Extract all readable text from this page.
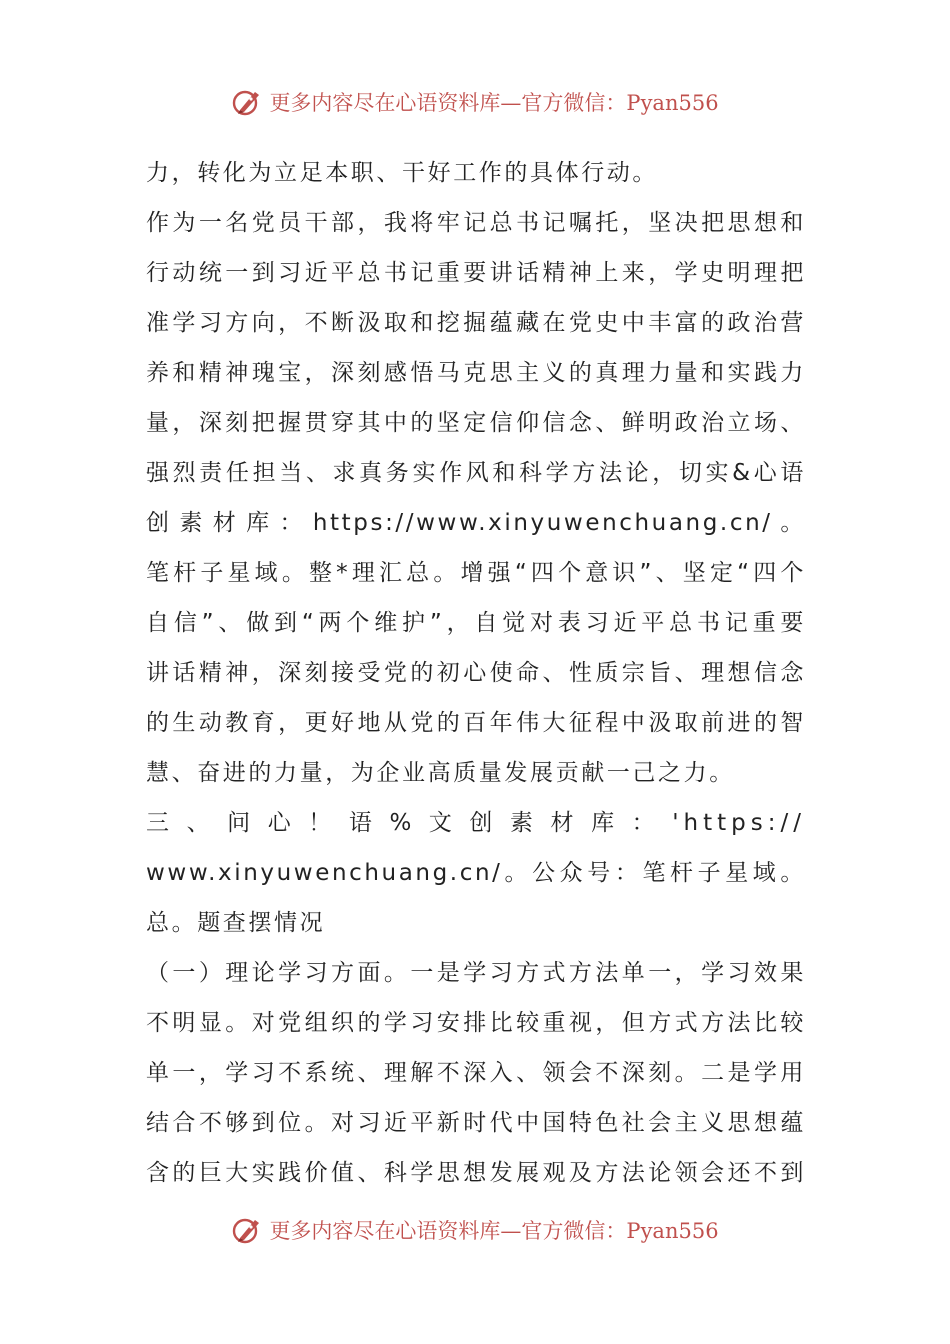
更多内容尽在心语资料库—官方微信：Pyan556
力，转化为立足本职、干好工作的具体行动。
作为一名党员干部，我将牢记总书记嘱托，坚决把思想和
行动统一到习近平总书记重要讲话精神上来，学史明理把
准学习方向，不断汲取和挖掘蕴藏在党史中丰富的政治营
养和精神瑰宝，深刻感悟马克思主义的真理力量和实践力
量，深刻把握贯穿其中的坚定信仰信念、鲜明政治立场、
强烈责任担当、求真务实作风和科学方法论，切实&心语
创素材库：https://www.xinyuwenchuang.cn/。
笔杆子星域。整*理汇总。增强“四个意识”、坚定“四个
自信”、做到“两个维护”，自觉对表习近平总书记重要
讲话精神，深刻接受党的初心使命、性质宗旨、理想信念
的生动教育，更好地从党的百年伟大征程中汲取前进的智
慧、奋进的力量，为企业高质量发展贡献一己之力。
三 、 问 心 ！ 语 % 文 创 素 材 库 ： 'https://
www.xinyuwenchuang.cn/。公众号：笔杆子星域。
总。题查摆情况
（一）理论学习方面。一是学习方式方法单一，学习效果
不明显。对党组织的学习安排比较重视，但方式方法比较
单一，学习不系统、理解不深入、领会不深刻。二是学用
结合不够到位。对习近平新时代中国特色社会主义思想蕴
含的巨大实践价值、科学思想发展观及方法论领会还不到
更多内容尽在心语资料库—官方微信：Pyan556
